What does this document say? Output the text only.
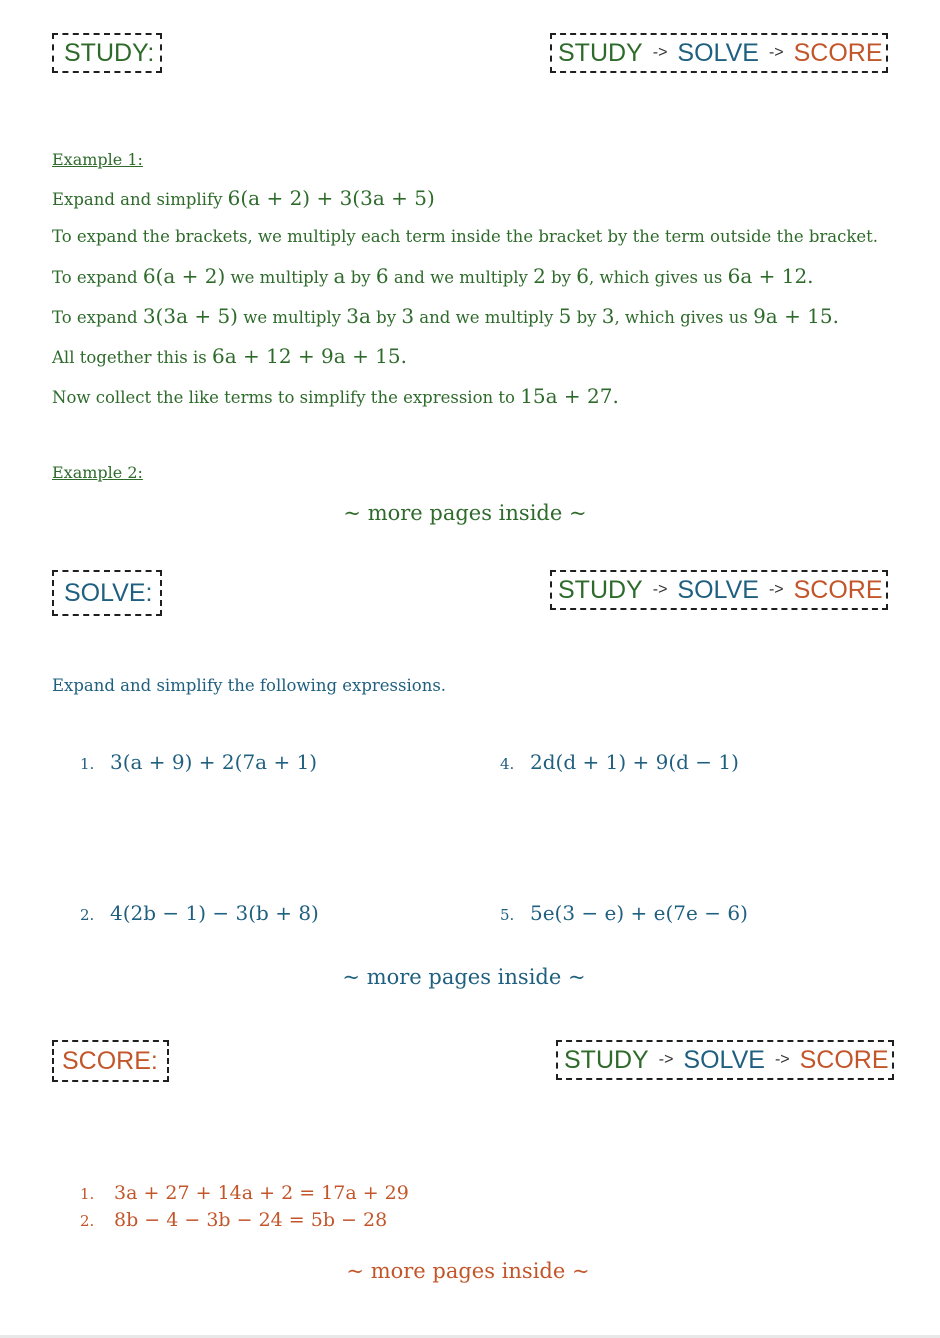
STUDY:	STUDY -> SOLVE -> SCORE
Example 1:
Expand and simplify 6(a + 2) + 3(3a + 5)
To expand the brackets, we multiply each term inside the bracket by the term outside the bracket.
To expand 6(a + 2) we multiply a by 6 and we multiply 2 by 6, which gives us 6a + 12.
To expand 3(3a + 5) we multiply 3a by 3 and we multiply 5 by 3, which gives us 9a + 15.
All together this is 6a + 12 + 9a + 15.
Now collect the like terms to simplify the expression to 15a + 27.
Example 2:
~ more pages inside ~
SOLVE:	STUDY -> SOLVE -> SCORE
Expand and simplify the following expressions.
1. 3(a + 9) + 2(7a + 1)	4. 2d(d + 1) + 9(d − 1)
2. 4(2b − 1) − 3(b + 8)	5. 5e(3 − e) + e(7e − 6)
~ more pages inside ~
SCORE:	STUDY -> SOLVE -> SCORE
1. 3a + 27 + 14a + 2 = 17a + 29
2. 8b − 4 − 3b − 24 = 5b − 28
~ more pages inside ~
